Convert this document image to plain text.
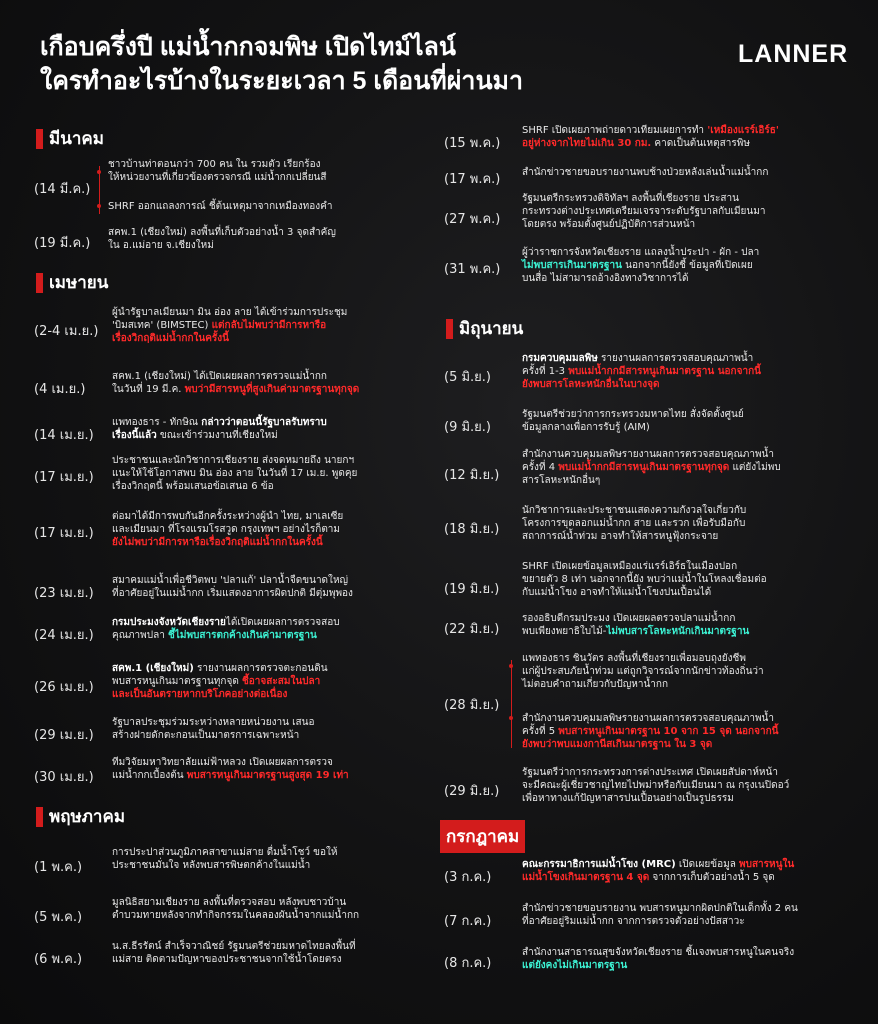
เกือบครึ่งปี แม่น้ำกกจมพิษ เปิดไทม์ไลน์
ใครทำอะไรบ้างในระยะเวลา 5 เดือนที่ผ่านมา
LANNER
มีนาคม
(14 มี.ค.)
ชาวบ้านท่าตอนกว่า 700 คน ใน รวมตัว เรียกร้อง
ให้หน่วยงานที่เกี่ยวข้องตรวจกรณี แม่น้ำกกเปลี่ยนสี
SHRF ออกแถลงการณ์ ชี้ต้นเหตุมาจากเหมืองทองคำ
(19 มี.ค.)
สคพ.1 (เชียงใหม่) ลงพื้นที่เก็บตัวอย่างน้ำ 3 จุดสำคัญ
ใน อ.แม่อาย จ.เชียงใหม่
เมษายน
(2-4 เม.ย.)
ผู้นำรัฐบาลเมียนมา มิน อ่อง ลาย ได้เข้าร่วมการประชุม
'บิมสเทค' (BIMSTEC) แต่กลับไม่พบว่ามีการหารือ
เรื่องวิกฤติแม่น้ำกกในครั้งนี้
(4 เม.ย.)
สคพ.1 (เชียงใหม่) ได้เปิดเผยผลการตรวจแม่น้ำกก
ในวันที่ 19 มี.ค. พบว่ามีสารหนูที่สูงเกินค่ามาตรฐานทุกจุด
(14 เม.ย.)
แพทองธาร - ทักษิณ กล่าวว่าตอนนี้รัฐบาลรับทราบ
เรื่องนี้แล้ว ขณะเข้าร่วมงานที่เชียงใหม่
(17 เม.ย.)
ประชาชนและนักวิชาการเชียงราย ส่งจดหมายถึง นายกฯ
แนะให้ใช้โอกาสพบ มิน อ่อง ลาย ในวันที่ 17 เม.ย. พูดคุย
เรื่องวิกฤตนี้ พร้อมเสนอข้อเสนอ 6 ข้อ
(17 เม.ย.)
ต่อมาได้มีการพบกันอีกครั้งระหว่างผู้นำ ไทย, มาเลเซีย
และเมียนมา ที่โรงแรมโรสวูด กรุงเทพฯ อย่างไรก็ตาม
ยังไม่พบว่ามีการหารือเรื่องวิกฤติแม่น้ำกกในครั้งนี้
(23 เม.ย.)
สมาคมแม่น้ำเพื่อชีวิตพบ 'ปลาแก้' ปลาน้ำจืดขนาดใหญ่
ที่อาศัยอยู่ในแม่น้ำกก เริ่มแสดงอาการผิดปกติ มีตุ่มพุพอง
(24 เม.ย.)
กรมประมงจังหวัดเชียงรายได้เปิดเผยผลการตรวจสอบ
คุณภาพปลา ชี้ไม่พบสารตกค้างเกินค่ามาตรฐาน
(26 เม.ย.)
สคพ.1 (เชียงใหม่) รายงานผลการตรวจตะกอนดิน
พบสารหนูเกินมาตรฐานทุกจุด ชี้อาจสะสมในปลา
และเป็นอันตรายหากบริโภคอย่างต่อเนื่อง
(29 เม.ย.)
รัฐบาลประชุมร่วมระหว่างหลายหน่วยงาน เสนอ
สร้างฝายดักตะกอนเป็นมาตรการเฉพาะหน้า
(30 เม.ย.)
ทีมวิจัยมหาวิทยาลัยแม่ฟ้าหลวง เปิดเผยผลการตรวจ
แม่น้ำกกเบื้องต้น พบสารหนูเกินมาตรฐานสูงสุด 19 เท่า
พฤษภาคม
(1 พ.ค.)
การประปาส่วนภูมิภาคสาขาแม่สาย ดื่มน้ำโชว์ ขอให้
ประชาชนมั่นใจ หลังพบสารพิษตกค้างในแม่น้ำ
(5 พ.ค.)
มูลนิธิสยามเชียงราย ลงพื้นที่ตรวจสอบ หลังพบชาวบ้าน
ตำบวมทายหลังจากทำกิจกรรมในคลองผันน้ำจากแม่น้ำกก
(6 พ.ค.)
น.ส.ธีรรัตน์ สำเร็จวาณิชย์ รัฐมนตรีช่วยมหาดไทยลงพื้นที่
แม่สาย ติดตามปัญหาของประชาชนจากใช้น้ำโดยตรง
(15 พ.ค.)
SHRF เปิดเผยภาพถ่ายดาวเทียมเผยการทำ 'เหมืองแรร์เอิร์ธ'
อยู่ห่างจากไทยไม่เกิน 30 กม. คาดเป็นต้นเหตุสารพิษ
(17 พ.ค.) สำนักข่าวชายขอบรายงานพบช้างป่วยหลังเล่นน้ำแม่น้ำกก
(27 พ.ค.)
รัฐมนตรีกระทรวงดิจิทัลฯ ลงพื้นที่เชียงราย ประสาน
กระทรวงต่างประเทศเตรียมเจรจาระดับรัฐบาลกับเมียนมา
โดยตรง พร้อมตั้งศูนย์ปฏิบัติการส่วนหน้า
(31 พ.ค.)
ผู้ว่าราชการจังหวัดเชียงราย แถลงน้ำประปา - ผัก - ปลา
ไม่พบสารเกินมาตรฐาน นอกจากนี้ยังชี้ ข้อมูลที่เปิดเผย
บนสื่อ ไม่สามารถอ้างอิงทางวิชาการได้
มิถุนายน
(5 มิ.ย.)
กรมควบคุมมลพิษ รายงานผลการตรวจสอบคุณภาพน้ำ
ครั้งที่ 1-3 พบแม่น้ำกกมีสารหนูเกินมาตรฐาน นอกจากนี้
ยังพบสารโลหะหนักอื่นในบางจุด
(9 มิ.ย.)
รัฐมนตรีช่วยว่าการกระทรวงมหาดไทย สั่งจัดตั้งศูนย์
ข้อมูลกลางเพื่อการรับรู้ (AIM)
(12 มิ.ย.)
สำนักงานควบคุมมลพิษรายงานผลการตรวจสอบคุณภาพน้ำ
ครั้งที่ 4 พบแม่น้ำกกมีสารหนูเกินมาตรฐานทุกจุด แต่ยังไม่พบ
สารโลหะหนักอื่นๆ
(18 มิ.ย.)
นักวิชาการและประชาชนแสดงความกังวลใจเกี่ยวกับ
โครงการขุดลอกแม่น้ำกก สาย และรวก เพื่อรับมือกับ
สถาการณ์น้ำท่วม อาจทำให้สารหนูฟุ้งกระจาย
(19 มิ.ย.)
SHRF เปิดเผยข้อมูลเหมืองแร่แรร์เอิร์ธในเมืองปอก
ขยายตัว 8 เท่า นอกจากนี้ยัง พบว่าแม่น้ำในโหลงเชื่อมต่อ
กับแม่น้ำโขง อาจทำให้แม่น้ำโขงปนเปื้อนได้
(22 มิ.ย.)
รองอธิบดีกรมประมง เปิดเผยผลตรวจปลาแม่น้ำกก
พบเพียงพยาธิใบไม้-ไม่พบสารโลหะหนักเกินมาตรฐาน
(28 มิ.ย.)
แพทองธาร ชินวัตร ลงพื้นที่เชียงรายเพื่อมอบถุงยังชีพ
แก่ผู้ประสบภัยน้ำท่วม แต่ถูกวิจารณ์จากนักข่าวท้องถิ่นว่า
ไม่ตอบคำถามเกี่ยวกับปัญหาน้ำกก
สำนักงานควบคุมมลพิษรายงานผลการตรวจสอบคุณภาพน้ำ
ครั้งที่ 5 พบสารหนูเกินมาตรฐาน 10 จาก 15 จุด นอกจากนี้
ยังพบว่าพบแมงกานีสเกินมาตรฐาน ใน 3 จุด
(29 มิ.ย.)
รัฐมนตรีว่าการกระทรวงการต่างประเทศ เปิดเผยสัปดาห์หน้า
จะมีคณะผู้เชี่ยวชาญไทยไปพม่าหรือกับเมียนมา ณ กรุงเนปิดอว์
เพื่อหาทางแก้ปัญหาสารปนเปื้อนอย่างเป็นรูปธรรม
กรกฎาคม
(3 ก.ค.)
คณะกรรมาธิการแม่น้ำโขง (MRC) เปิดเผยข้อมูล พบสารหนูใน
แม่น้ำโขงเกินมาตรฐาน 4 จุด จากการเก็บตัวอย่างน้ำ 5 จุด
(7 ก.ค.)
สำนักข่าวชายขอบรายงาน พบสารหนูมากผิดปกติในเด็กทั้ง 2 คน
ที่อาศัยอยู่ริมแม่น้ำกก จากการตรวจตัวอย่างปัสสาวะ
(8 ก.ค.)
สำนักงานสาธารณสุขจังหวัดเชียงราย ชี้แจงพบสารหนูในคนจริง
แต่ยังคงไม่เกินมาตรฐาน
